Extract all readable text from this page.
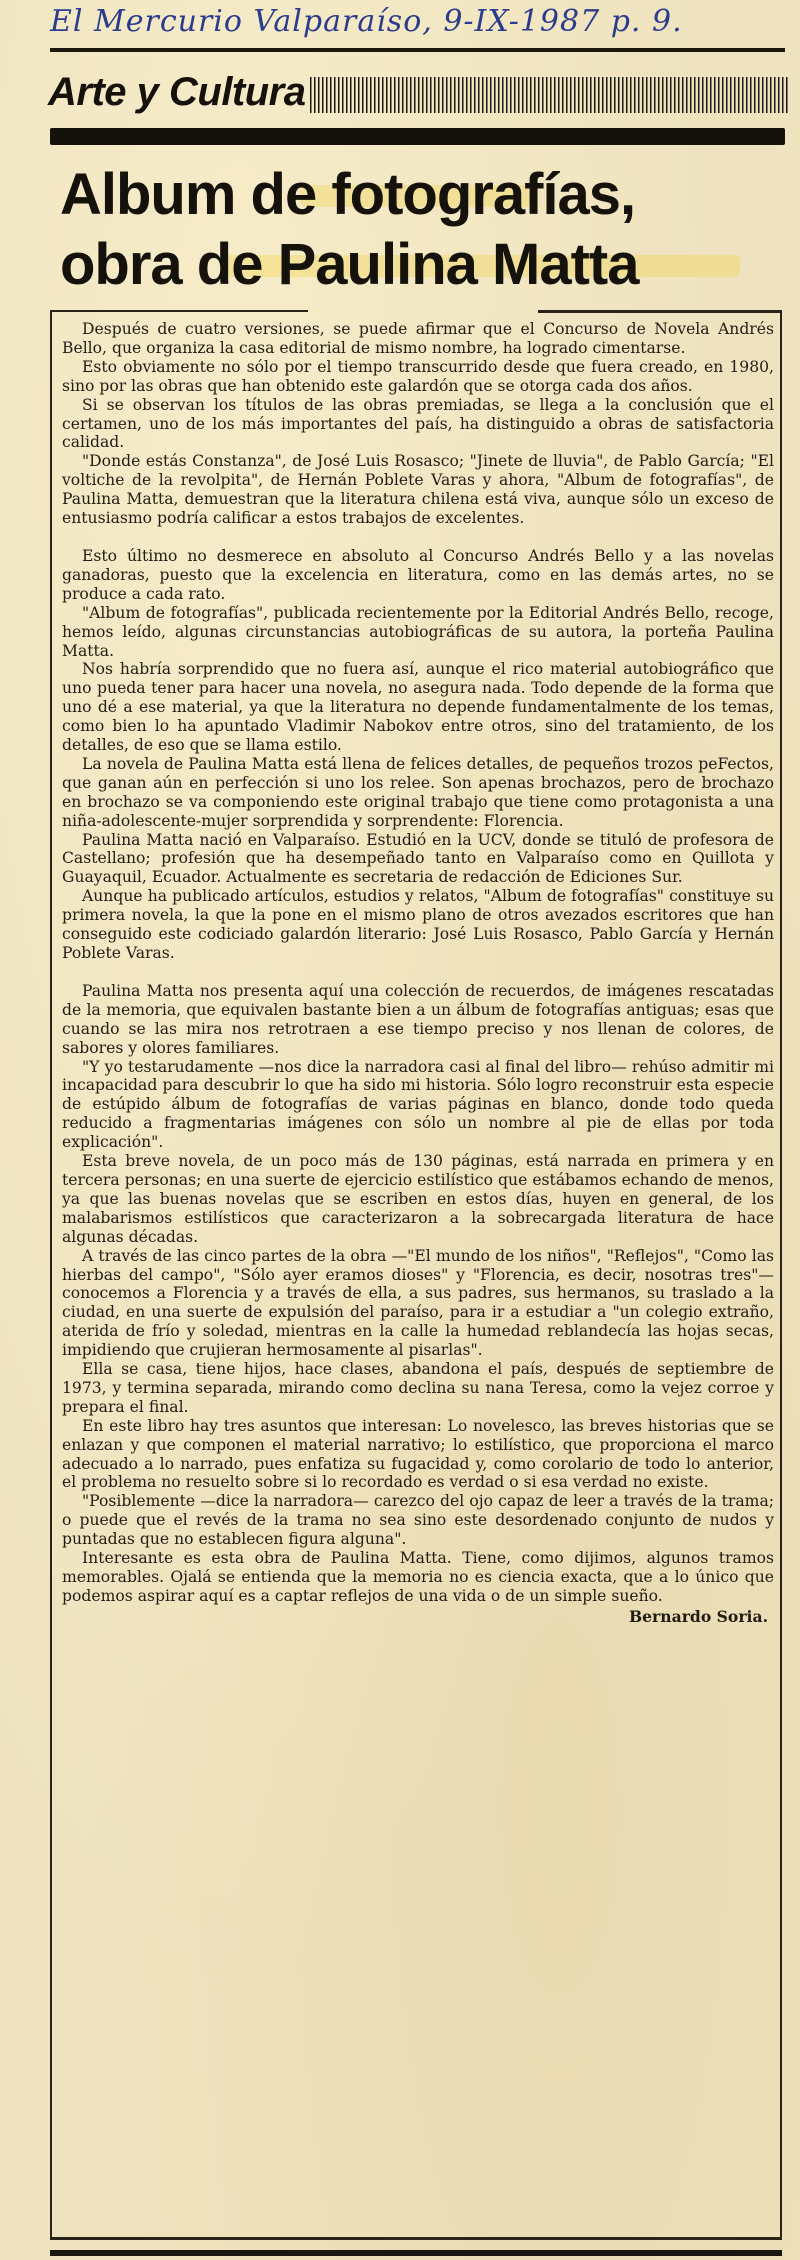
El Mercurio Valparaíso, 9-IX-1987 p. 9.
Arte y Cultura
Album de fotografías,
obra de Paulina Matta

Después de cuatro versiones, se puede afirmar que el Concurso de Novela Andrés Bello, que organiza la casa editorial de mismo nombre, ha logrado cimentarse.

Esto obviamente no sólo por el tiempo transcurrido desde que fuera creado, en 1980, sino por las obras que han obtenido este galardón que se otorga cada dos años.

Si se observan los títulos de las obras premiadas, se llega a la conclusión que el certamen, uno de los más importantes del país, ha distinguido a obras de satisfactoria calidad.

"Donde estás Constanza", de José Luis Rosasco; "Jinete de lluvia", de Pablo García; "El voltiche de la revolpita", de Hernán Poblete Varas y ahora, "Album de fotografías", de Paulina Matta, demuestran que la literatura chilena está viva, aunque sólo un exceso de entusiasmo podría calificar a estos trabajos de excelentes.

Esto último no desmerece en absoluto al Concurso Andrés Bello y a las novelas ganadoras, puesto que la excelencia en literatura, como en las demás artes, no se produce a cada rato.

"Album de fotografías", publicada recientemente por la Editorial Andrés Bello, recoge, hemos leído, algunas circunstancias autobiográficas de su autora, la porteña Paulina Matta.

Nos habría sorprendido que no fuera así, aunque el rico material autobiográfico que uno pueda tener para hacer una novela, no asegura nada. Todo depende de la forma que uno dé a ese material, ya que la literatura no depende fundamentalmente de los temas, como bien lo ha apuntado Vladimir Nabokov entre otros, sino del tratamiento, de los detalles, de eso que se llama estilo.

La novela de Paulina Matta está llena de felices detalles, de pequeños trozos peFectos, que ganan aún en perfección si uno los relee. Son apenas brochazos, pero de brochazo en brochazo se va componiendo este original trabajo que tiene como protagonista a una niña-adolescente-mujer sorprendida y sorprendente: Florencia.

Paulina Matta nació en Valparaíso. Estudió en la UCV, donde se tituló de profesora de Castellano; profesión que ha desempeñado tanto en Valparaíso como en Quillota y Guayaquil, Ecuador. Actualmente es secretaria de redacción de Ediciones Sur.

Aunque ha publicado artículos, estudios y relatos, "Album de fotografías" constituye su primera novela, la que la pone en el mismo plano de otros avezados escritores que han conseguido este codiciado galardón literario: José Luis Rosasco, Pablo García y Hernán Poblete Varas.

Paulina Matta nos presenta aquí una colección de recuerdos, de imágenes rescatadas de la memoria, que equivalen bastante bien a un álbum de fotografías antiguas; esas que cuando se las mira nos retrotraen a ese tiempo preciso y nos llenan de colores, de sabores y olores familiares.

"Y yo testarudamente —nos dice la narradora casi al final del libro— rehúso admitir mi incapacidad para descubrir lo que ha sido mi historia. Sólo logro reconstruir esta especie de estúpido álbum de fotografías de varias páginas en blanco, donde todo queda reducido a fragmentarias imágenes con sólo un nombre al pie de ellas por toda explicación".

Esta breve novela, de un poco más de 130 páginas, está narrada en primera y en tercera personas; en una suerte de ejercicio estilístico que estábamos echando de menos, ya que las buenas novelas que se escriben en estos días, huyen en general, de los malabarismos estilísticos que caracterizaron a la sobrecargada literatura de hace algunas décadas.

A través de las cinco partes de la obra —"El mundo de los niños", "Reflejos", "Como las hierbas del campo", "Sólo ayer eramos dioses" y "Florencia, es decir, nosotras tres"— conocemos a Florencia y a través de ella, a sus padres, sus hermanos, su traslado a la ciudad, en una suerte de expulsión del paraíso, para ir a estudiar a "un colegio extraño, aterida de frío y soledad, mientras en la calle la humedad reblandecía las hojas secas, impidiendo que crujieran hermosamente al pisarlas".

Ella se casa, tiene hijos, hace clases, abandona el país, después de septiembre de 1973, y termina separada, mirando como declina su nana Teresa, como la vejez corroe y prepara el final.

En este libro hay tres asuntos que interesan: Lo novelesco, las breves historias que se enlazan y que componen el material narrativo; lo estilístico, que proporciona el marco adecuado a lo narrado, pues enfatiza su fugacidad y, como corolario de todo lo anterior, el problema no resuelto sobre si lo recordado es verdad o si esa verdad no existe.

"Posiblemente —dice la narradora— carezco del ojo capaz de leer a través de la trama; o puede que el revés de la trama no sea sino este desordenado conjunto de nudos y puntadas que no establecen figura alguna".

Interesante es esta obra de Paulina Matta. Tiene, como dijimos, algunos tramos memorables. Ojalá se entienda que la memoria no es ciencia exacta, que a lo único que podemos aspirar aquí es a captar reflejos de una vida o de un simple sueño.

Bernardo Soria.
